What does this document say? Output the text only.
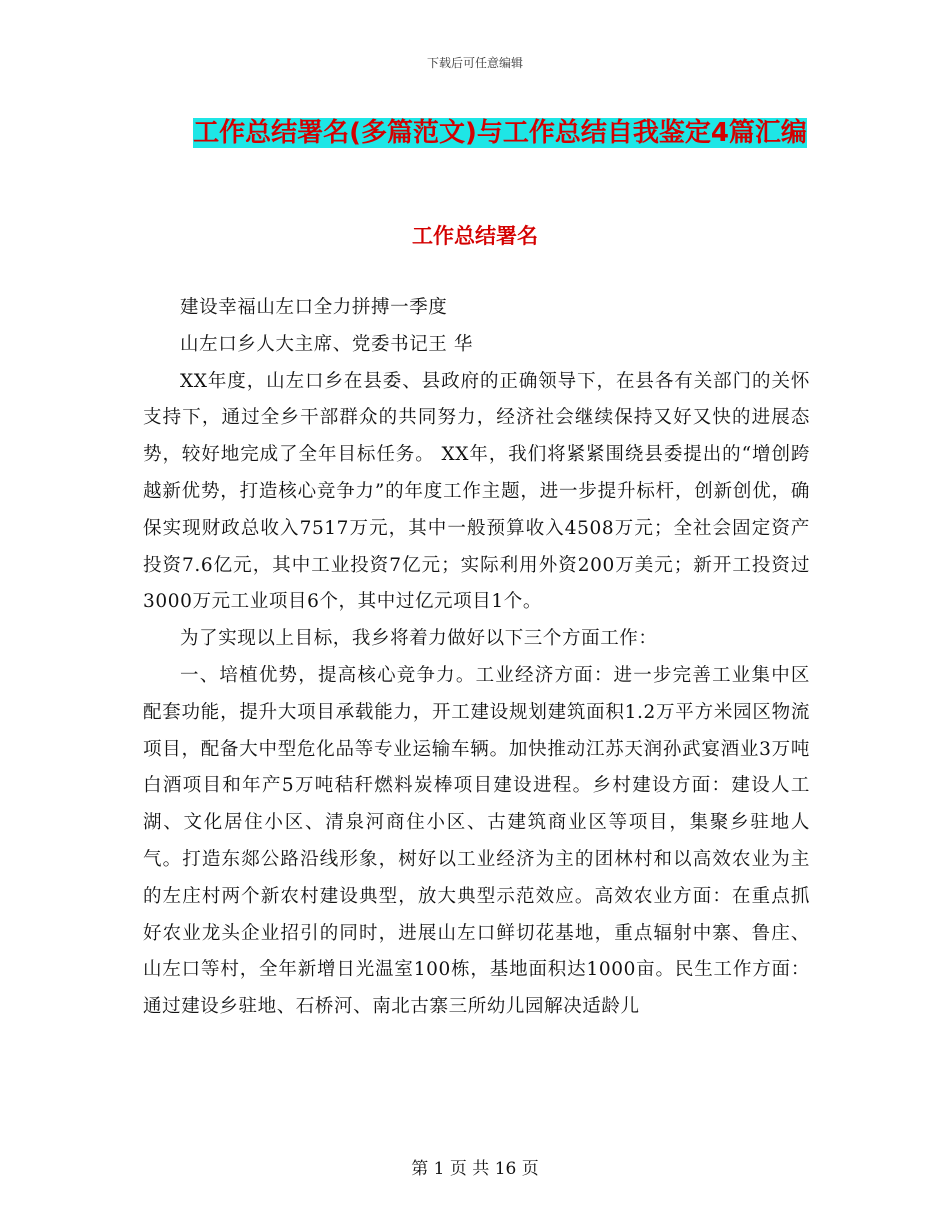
下载后可任意编辑
工作总结署名(多篇范文)与工作总结自我鉴定4篇汇编
工作总结署名

建设幸福山左口全力拼搏一季度

山左口乡人大主席、党委书记王 华

XX年度，山左口乡在县委、县政府的正确领导下，在县各有关部门的关怀支持下，通过全乡干部群众的共同努力，经济社会继续保持又好又快的进展态势，较好地完成了全年目标任务。 XX年，我们将紧紧围绕县委提出的“增创跨越新优势，打造核心竞争力”的年度工作主题，进一步提升标杆，创新创优，确保实现财政总收入7517万元，其中一般预算收入4508万元；全社会固定资产投资7.6亿元，其中工业投资7亿元；实际利用外资200万美元；新开工投资过3000万元工业项目6个，其中过亿元项目1个。

为了实现以上目标，我乡将着力做好以下三个方面工作：

一、培植优势，提高核心竞争力。工业经济方面：进一步完善工业集中区配套功能，提升大项目承载能力，开工建设规划建筑面积1.2万平方米园区物流项目，配备大中型危化品等专业运输车辆。加快推动江苏天润孙武宴酒业3万吨白酒项目和年产5万吨秸秆燃料炭棒项目建设进程。乡村建设方面：建设人工湖、文化居住小区、清泉河商住小区、古建筑商业区等项目，集聚乡驻地人气。打造东郯公路沿线形象，树好以工业经济为主的团林村和以高效农业为主的左庄村两个新农村建设典型，放大典型示范效应。高效农业方面：在重点抓好农业龙头企业招引的同时，进展山左口鲜切花基地，重点辐射中寨、鲁庄、山左口等村，全年新增日光温室100栋，基地面积达1000亩。民生工作方面：通过建设乡驻地、石桥河、南北古寨三所幼儿园解决适龄儿

第 1 页 共 16 页
